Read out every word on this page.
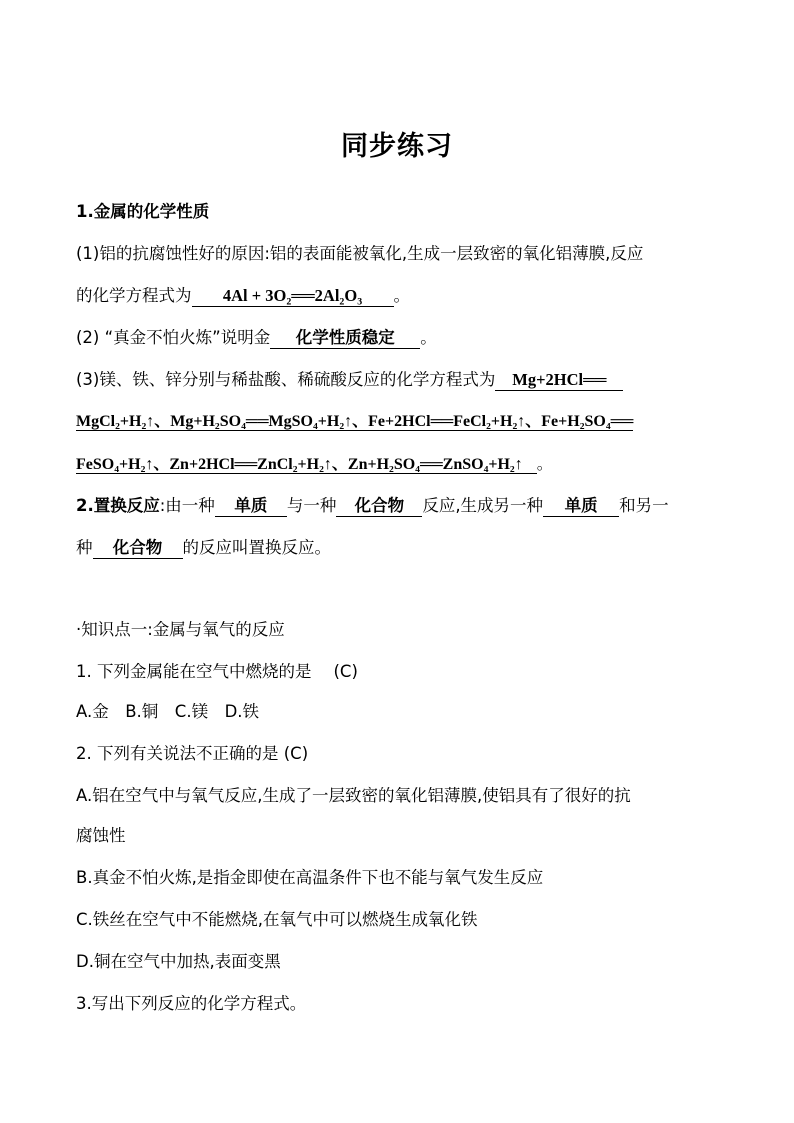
同步练习
1.金属的化学性质
(1)铝的抗腐蚀性好的原因:铝的表面能被氧化,生成一层致密的氧化铝薄膜,反应
的化学方程式为 4Al + 3O₂══2Al₂O₃ 。
(2) “真金不怕火炼”说明金 化学性质稳定 。
(3)镁、铁、锌分别与稀盐酸、稀硫酸反应的化学方程式为 Mg+2HCl══
MgCl₂+H₂↑、Mg+H₂SO₄══MgSO₄+H₂↑、Fe+2HCl══FeCl₂+H₂↑、Fe+H₂SO₄══
FeSO₄+H₂↑、Zn+2HCl══ZnCl₂+H₂↑、Zn+H₂SO₄══ZnSO₄+H₂↑ 。
2.置换反应:由一种 单质 与一种 化合物 反应,生成另一种 单质 和另一
种 化合物 的反应叫置换反应。
·知识点一:金属与氧气的反应
1. 下列金属能在空气中燃烧的是 (C)
A.金　B.铜　C.镁　D.铁
2. 下列有关说法不正确的是 (C)
A.铝在空气中与氧气反应,生成了一层致密的氧化铝薄膜,使铝具有了很好的抗
腐蚀性
B.真金不怕火炼,是指金即使在高温条件下也不能与氧气发生反应
C.铁丝在空气中不能燃烧,在氧气中可以燃烧生成氧化铁
D.铜在空气中加热,表面变黑
3.写出下列反应的化学方程式。
